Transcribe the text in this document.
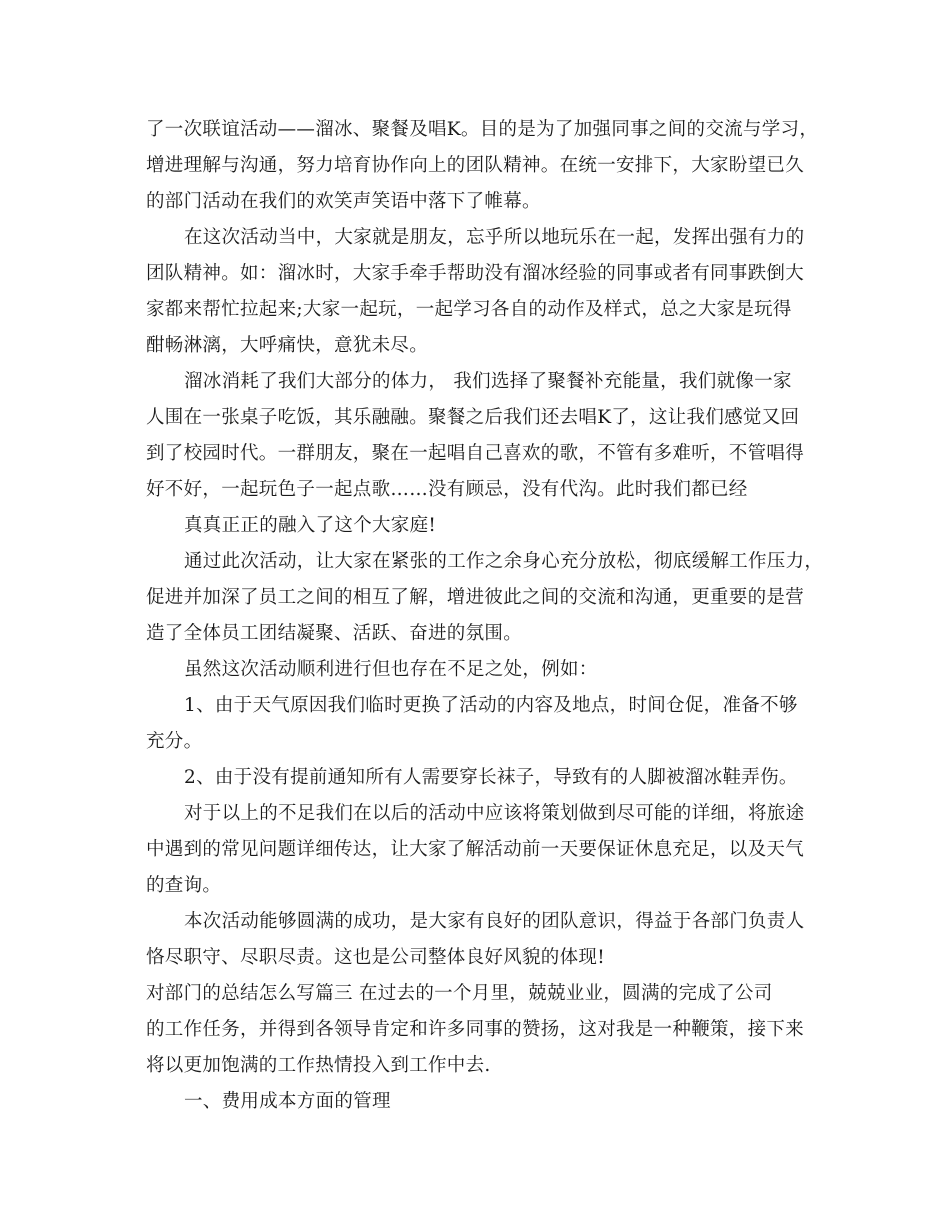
了一次联谊活动——溜冰、聚餐及唱K。目的是为了加强同事之间的交流与学习，
增进理解与沟通，努力培育协作向上的团队精神。在统一安排下，大家盼望已久
的部门活动在我们的欢笑声笑语中落下了帷幕。
在这次活动当中，大家就是朋友，忘乎所以地玩乐在一起，发挥出强有力的
团队精神。如：溜冰时，大家手牵手帮助没有溜冰经验的同事或者有同事跌倒大
家都来帮忙拉起来;大家一起玩，一起学习各自的动作及样式，总之大家是玩得
酣畅淋漓，大呼痛快，意犹未尽。
溜冰消耗了我们大部分的体力， 我们选择了聚餐补充能量，我们就像一家
人围在一张桌子吃饭，其乐融融。聚餐之后我们还去唱K了，这让我们感觉又回
到了校园时代。一群朋友，聚在一起唱自己喜欢的歌，不管有多难听，不管唱得
好不好，一起玩色子一起点歌……没有顾忌，没有代沟。此时我们都已经
真真正正的融入了这个大家庭!
通过此次活动，让大家在紧张的工作之余身心充分放松，彻底缓解工作压力，
促进并加深了员工之间的相互了解，增进彼此之间的交流和沟通，更重要的是营
造了全体员工团结凝聚、活跃、奋进的氛围。
虽然这次活动顺利进行但也存在不足之处，例如：
1、由于天气原因我们临时更换了活动的内容及地点，时间仓促，准备不够
充分。
2、由于没有提前通知所有人需要穿长袜子，导致有的人脚被溜冰鞋弄伤。
对于以上的不足我们在以后的活动中应该将策划做到尽可能的详细，将旅途
中遇到的常见问题详细传达，让大家了解活动前一天要保证休息充足，以及天气
的查询。
本次活动能够圆满的成功，是大家有良好的团队意识，得益于各部门负责人
恪尽职守、尽职尽责。这也是公司整体良好风貌的体现!
对部门的总结怎么写篇三 在过去的一个月里，兢兢业业，圆满的完成了公司
的工作任务，并得到各领导肯定和许多同事的赞扬，这对我是一种鞭策，接下来
将以更加饱满的工作热情投入到工作中去.
一、费用成本方面的管理
